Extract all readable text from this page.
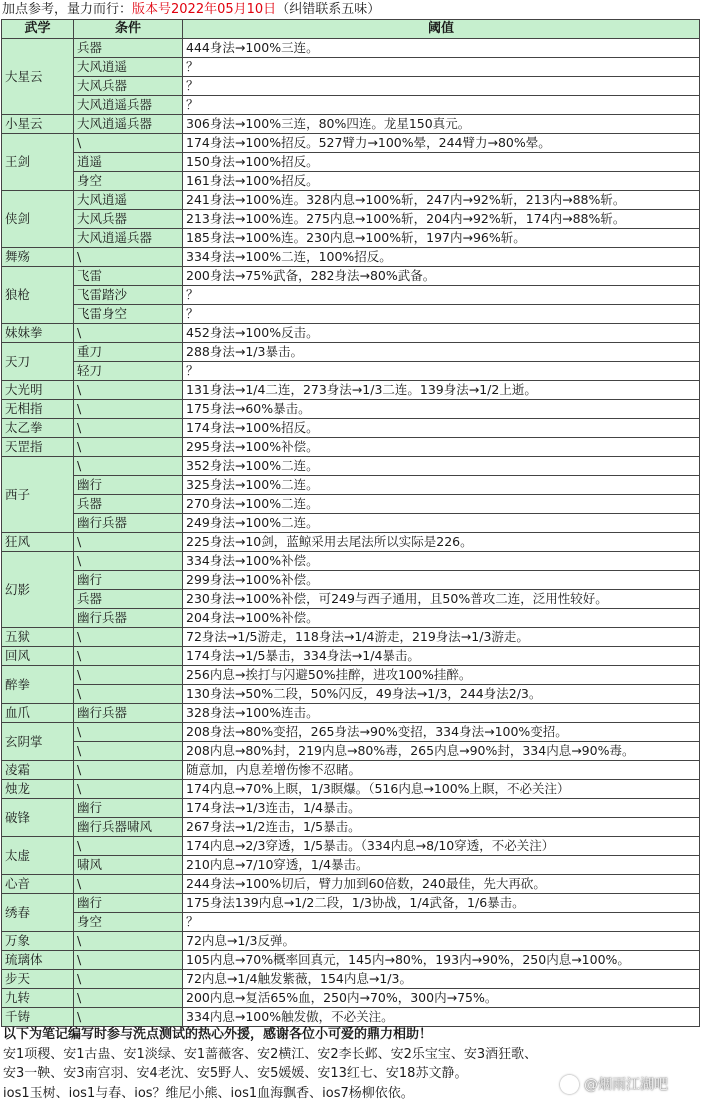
加点参考，量力而行：版本号2022年05月10日（纠错联系五味）
武学	条件	阈值
大星云	兵器	444身法→100%三连。
	大风逍遥	？
	大风兵器	？
	大风逍遥兵器	？
小星云	大风逍遥兵器	306身法→100%三连，80%四连。龙星150真元。
王剑	\	174身法→100%招反。527臂力→100%晕，244臂力→80%晕。
	逍遥	150身法→100%招反。
	身空	161身法→100%招反。
侠剑	大风逍遥	241身法→100%连。328内息→100%斩，247内→92%斩，213内→88%斩。
	大风兵器	213身法→100%连。275内息→100%斩，204内→92%斩，174内→88%斩。
	大风逍遥兵器	185身法→100%连。230内息→100%斩，197内→96%斩。
舞殇	\	334身法→100%二连，100%招反。
狼枪	飞雷	200身法→75%武备，282身法→80%武备。
	飞雷踏沙	？
	飞雷身空	？
妹妹拳	\	452身法→100%反击。
天刀	重刀	288身法→1/3暴击。
	轻刀	？
大光明	\	131身法→1/4二连，273身法→1/3二连。139身法→1/2上逝。
无相指	\	175身法→60%暴击。
太乙拳	\	174身法→100%招反。
天罡指	\	295身法→100%补偿。
西子	\	352身法→100%二连。
	幽行	325身法→100%二连。
	兵器	270身法→100%二连。
	幽行兵器	249身法→100%二连。
狂风	\	225身法→10剑，蓝鲸采用去尾法所以实际是226。
幻影	\	334身法→100%补偿。
	幽行	299身法→100%补偿。
	兵器	230身法→100%补偿，可249与西子通用，且50%普攻二连，泛用性较好。
	幽行兵器	204身法→100%补偿。
五狱	\	72身法→1/5游走，118身法→1/4游走，219身法→1/3游走。
回风	\	174身法→1/5暴击，334身法→1/4暴击。
醉拳	\	256内息→挨打与闪避50%挂醉，进攻100%挂醉。
	\	130身法→50%二段，50%闪反，49身法→1/3，244身法2/3。
血爪	幽行兵器	328身法→100%连击。
玄阴掌	\	208身法→80%变招，265身法→90%变招，334身法→100%变招。
	\	208内息→80%封，219内息→80%毒，265内息→90%封，334内息→90%毒。
凌霜	\	随意加，内息差增伤惨不忍睹。
烛龙	\	174内息→70%上瞑，1/3瞑爆。（516内息→100%上瞑，不必关注）
破锋	幽行	174身法→1/3连击，1/4暴击。
	幽行兵器啸风	267身法→1/2连击，1/5暴击。
太虚	\	174内息→2/3穿透，1/5暴击。（334内息→8/10穿透，不必关注）
	啸风	210内息→7/10穿透，1/4暴击。
心音	\	244身法→100%切后，臂力加到60倍数，240最佳，先大再砍。
绣春	幽行	175身法139内息→1/2二段，1/3协战，1/4武备，1/6暴击。
	身空	？
万象	\	72内息→1/3反弹。
琉璃体	\	105内息→70%概率回真元，145内→80%，193内→90%，250内息→100%。
步天	\	72内息→1/4触发紫薇，154内息→1/3。
九转	\	200内息→复活65%血，250内→70%，300内→75%。
千铸	\	334内息→100%触发傲，不必关注。
以下为笔记编写时参与洗点测试的热心外援，感谢各位小可爱的鼎力相助！
安1项稷、安1古蛊、安1淡绿、安1蔷薇客、安2横江、安2李长邺、安2乐宝宝、安3酒狂歌、
安3一鞅、安3南宫羽、安4老沈、安5野人、安5媛媛、安13红七、安18苏文静。
ios1玉树、ios1与春、ios？维尼小熊、ios1血海飘香、ios7杨柳依依。
@烟雨江湖吧
